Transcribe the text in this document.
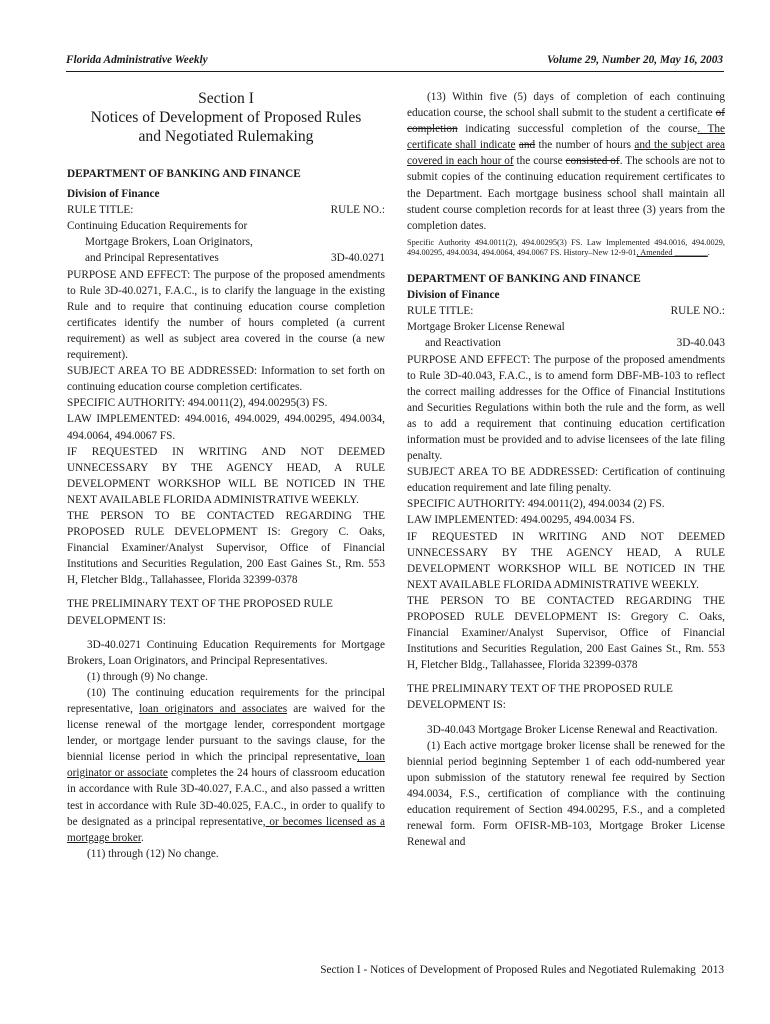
Florida Administrative Weekly	Volume 29, Number 20, May 16, 2003
Section I
Notices of Development of Proposed Rules
and Negotiated Rulemaking

DEPARTMENT OF BANKING AND FINANCE

Division of Finance

RULE TITLE:	RULE NO.:
Continuing Education Requirements for
Mortgage Brokers, Loan Originators,
and Principal Representatives	3D-40.0271

PURPOSE AND EFFECT: The purpose of the proposed amendments to Rule 3D-40.0271, F.A.C., is to clarify the language in the existing Rule and to require that continuing education course completion certificates identify the number of hours completed (a current requirement) as well as subject area covered in the course (a new requirement).

SUBJECT AREA TO BE ADDRESSED: Information to set forth on continuing education course completion certificates.

SPECIFIC AUTHORITY: 494.0011(2), 494.00295(3) FS.

LAW IMPLEMENTED: 494.0016, 494.0029, 494.00295, 494.0034, 494.0064, 494.0067 FS.

IF REQUESTED IN WRITING AND NOT DEEMED UNNECESSARY BY THE AGENCY HEAD, A RULE DEVELOPMENT WORKSHOP WILL BE NOTICED IN THE NEXT AVAILABLE FLORIDA ADMINISTRATIVE WEEKLY.

THE PERSON TO BE CONTACTED REGARDING THE PROPOSED RULE DEVELOPMENT IS: Gregory C. Oaks, Financial Examiner/Analyst Supervisor, Office of Financial Institutions and Securities Regulation, 200 East Gaines St., Rm. 553 H, Fletcher Bldg., Tallahassee, Florida 32399-0378

THE PRELIMINARY TEXT OF THE PROPOSED RULE DEVELOPMENT IS:

3D-40.0271 Continuing Education Requirements for Mortgage Brokers, Loan Originators, and Principal Representatives.

(1) through (9) No change.

(10) The continuing education requirements for the principal representative, loan originators and associates are waived for the license renewal of the mortgage lender, correspondent mortgage lender, or mortgage lender pursuant to the savings clause, for the biennial license period in which the principal representative, loan originator or associate completes the 24 hours of classroom education in accordance with Rule 3D-40.027, F.A.C., and also passed a written test in accordance with Rule 3D-40.025, F.A.C., in order to qualify to be designated as a principal representative, or becomes licensed as a mortgage broker.

(11) through (12) No change.

(13) Within five (5) days of completion of each continuing education course, the school shall submit to the student a certificate of completion indicating successful completion of the course. The certificate shall indicate and the number of hours and the subject area covered in each hour of the course consisted of. The schools are not to submit copies of the continuing education requirement certificates to the Department. Each mortgage business school shall maintain all student course completion records for at least three (3) years from the completion dates.

Specific Authority 494.0011(2), 494.00295(3) FS. Law Implemented 494.0016, 494.0029, 494.00295, 494.0034, 494.0064, 494.0067 FS. History–New 12-9-01, Amended ________.

DEPARTMENT OF BANKING AND FINANCE

Division of Finance

RULE TITLE:	RULE NO.:
Mortgage Broker License Renewal
and Reactivation	3D-40.043

PURPOSE AND EFFECT: The purpose of the proposed amendments to Rule 3D-40.043, F.A.C., is to amend form DBF-MB-103 to reflect the correct mailing addresses for the Office of Financial Institutions and Securities Regulations within both the rule and the form, as well as to add a requirement that continuing education certification information must be provided and to advise licensees of the late filing penalty.

SUBJECT AREA TO BE ADDRESSED: Certification of continuing education requirement and late filing penalty.

SPECIFIC AUTHORITY: 494.0011(2), 494.0034 (2) FS.

LAW IMPLEMENTED: 494.00295, 494.0034 FS.

IF REQUESTED IN WRITING AND NOT DEEMED UNNECESSARY BY THE AGENCY HEAD, A RULE DEVELOPMENT WORKSHOP WILL BE NOTICED IN THE NEXT AVAILABLE FLORIDA ADMINISTRATIVE WEEKLY.

THE PERSON TO BE CONTACTED REGARDING THE PROPOSED RULE DEVELOPMENT IS: Gregory C. Oaks, Financial Examiner/Analyst Supervisor, Office of Financial Institutions and Securities Regulation, 200 East Gaines St., Rm. 553 H, Fletcher Bldg., Tallahassee, Florida 32399-0378

THE PRELIMINARY TEXT OF THE PROPOSED RULE DEVELOPMENT IS:

3D-40.043 Mortgage Broker License Renewal and Reactivation.

(1) Each active mortgage broker license shall be renewed for the biennial period beginning September 1 of each odd-numbered year upon submission of the statutory renewal fee required by Section 494.0034, F.S., certification of compliance with the continuing education requirement of Section 494.00295, F.S., and a completed renewal form. Form OFISR-MB-103, Mortgage Broker License Renewal and

Section I - Notices of Development of Proposed Rules and Negotiated Rulemaking 2013
